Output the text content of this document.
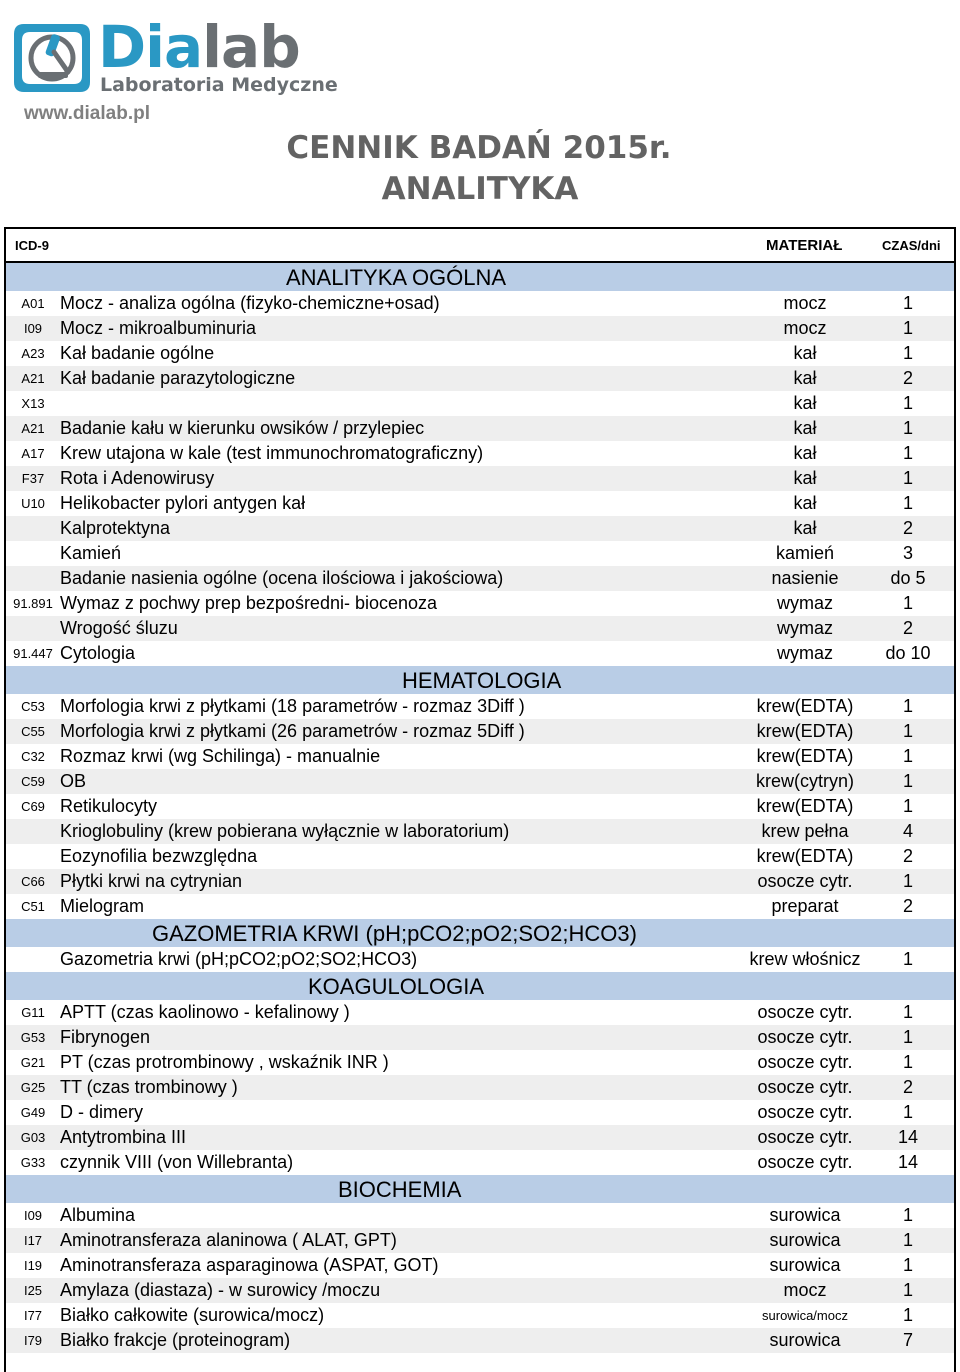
Dialab
Laboratoria Medyczne
www.dialab.pl
CENNIK BADAŃ 2015r.
ANALITYKA
ICD-9	MATERIAŁ	CZAS/dni
ANALITYKA OGÓLNA
A01 Mocz - analiza ogólna (fizyko-chemiczne+osad)	mocz	1
I09 Mocz - mikroalbuminuria	mocz	1
A23 Kał badanie ogólne	kał	1
A21 Kał badanie parazytologiczne	kał	2
X13	kał	1
A21 Badanie kału w kierunku owsików / przylepiec	kał	1
A17 Krew utajona w kale (test immunochromatograficzny)	kał	1
F37 Rota i Adenowirusy	kał	1
U10 Helikobacter pylori antygen kał	kał	1
Kalprotektyna	kał	2
Kamień	kamień	3
Badanie nasienia ogólne (ocena ilościowa i jakościowa)	nasienie	do 5
91.891 Wymaz z pochwy prep bezpośredni- biocenoza	wymaz	1
Wrogość śluzu	wymaz	2
91.447 Cytologia	wymaz	do 10
HEMATOLOGIA
C53 Morfologia krwi z płytkami (18 parametrów - rozmaz 3Diff )	krew(EDTA)	1
C55 Morfologia krwi z płytkami (26 parametrów - rozmaz 5Diff )	krew(EDTA)	1
C32 Rozmaz krwi (wg Schilinga) - manualnie	krew(EDTA)	1
C59 OB	krew(cytryn)	1
C69 Retikulocyty	krew(EDTA)	1
Krioglobuliny (krew pobierana wyłącznie w laboratorium)	krew pełna	4
Eozynofilia bezwzględna	krew(EDTA)	2
C66 Płytki krwi na cytrynian	osocze cytr.	1
C51 Mielogram	preparat	2
GAZOMETRIA KRWI (pH;pCO2;pO2;SO2;HCO3)
Gazometria krwi (pH;pCO2;pO2;SO2;HCO3)	krew włośnicz	1
KOAGULOLOGIA
G11 APTT (czas kaolinowo - kefalinowy )	osocze cytr.	1
G53 Fibrynogen	osocze cytr.	1
G21 PT (czas protrombinowy , wskaźnik INR )	osocze cytr.	1
G25 TT (czas trombinowy )	osocze cytr.	2
G49 D - dimery	osocze cytr.	1
G03 Antytrombina III	osocze cytr.	14
G33 czynnik VIII (von Willebranta)	osocze cytr.	14
BIOCHEMIA
I09 Albumina	surowica	1
I17 Aminotransferaza alaninowa ( ALAT, GPT)	surowica	1
I19 Aminotransferaza asparaginowa (ASPAT, GOT)	surowica	1
I25 Amylaza (diastaza) - w surowicy /moczu	mocz	1
I77 Białko całkowite (surowica/mocz)	surowica/mocz	1
I79 Białko frakcje (proteinogram)	surowica	7
